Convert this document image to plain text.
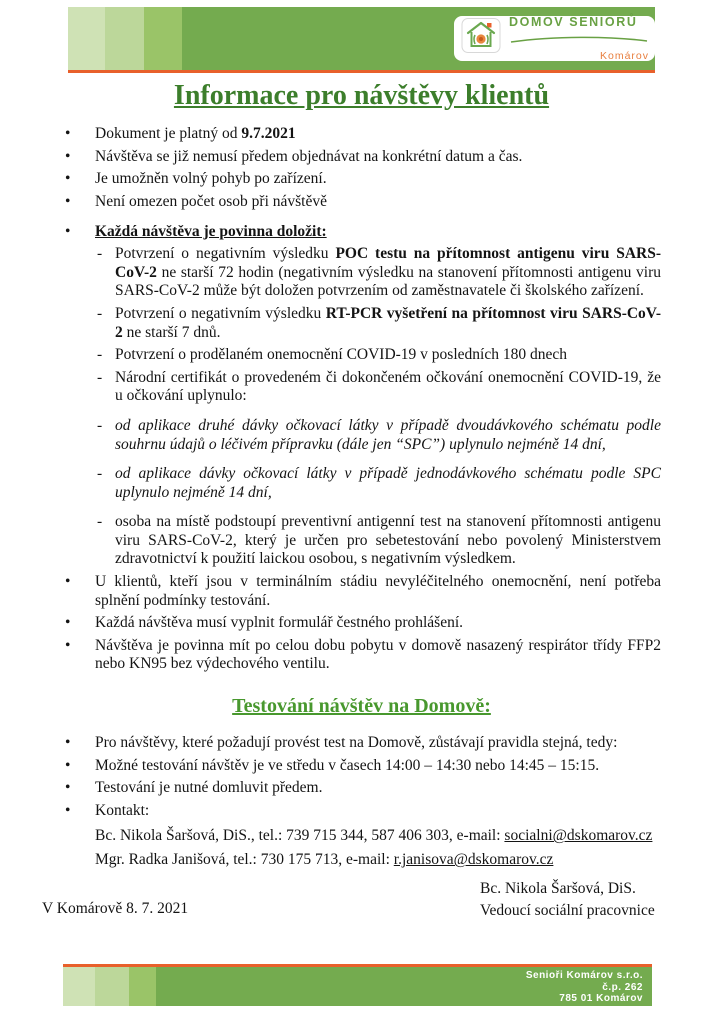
DOMOV SENIORŮ
Komárov
Informace pro návštěvy klientů
•	Dokument je platný od 9.7.2021
•	Návštěva se již nemusí předem objednávat na konkrétní datum a čas.
•	Je umožněn volný pohyb po zařízení.
•	Není omezen počet osob při návštěvě
•	Každá návštěva je povinna doložit:
- Potvrzení o negativním výsledku POC testu na přítomnost antigenu viru SARS-CoV-2 ne starší 72 hodin (negativním výsledku na stanovení přítomnosti antigenu viru SARS-CoV-2 může být doložen potvrzením od zaměstnavatele či školského zařízení.
- Potvrzení o negativním výsledku RT-PCR vyšetření na přítomnost viru SARS-CoV-2 ne starší 7 dnů.
- Potvrzení o prodělaném onemocnění COVID-19 v posledních 180 dnech
- Národní certifikát o provedeném či dokončeném očkování onemocnění COVID-19, že u očkování uplynulo:
- od aplikace druhé dávky očkovací látky v případě dvoudávkového schématu podle souhrnu údajů o léčivém přípravku (dále jen “SPC”) uplynulo nejméně 14 dní,
- od aplikace dávky očkovací látky v případě jednodávkového schématu podle SPC uplynulo nejméně 14 dní,
- osoba na místě podstoupí preventivní antigenní test na stanovení přítomnosti antigenu viru SARS-CoV-2, který je určen pro sebetestování nebo povolený Ministerstvem zdravotnictví k použití laickou osobou, s negativním výsledkem.
•	U klientů, kteří jsou v terminálním stádiu nevyléčitelného onemocnění, není potřeba splnění podmínky testování.
•	Každá návštěva musí vyplnit formulář čestného prohlášení.
•	Návštěva je povinna mít po celou dobu pobytu v domově nasazený respirátor třídy FFP2 nebo KN95 bez výdechového ventilu.
Testování návštěv na Domově:
•	Pro návštěvy, které požadují provést test na Domově, zůstávají pravidla stejná, tedy:
•	Možné testování návštěv je ve středu v časech 14:00 – 14:30 nebo 14:45 – 15:15.
•	Testování je nutné domluvit předem.
•	Kontakt:
Bc. Nikola Šaršová, DiS., tel.: 739 715 344, 587 406 303, e-mail: socialni@dskomarov.cz
Mgr. Radka Janišová, tel.: 730 175 713, e-mail: r.janisova@dskomarov.cz
V Komárově 8. 7. 2021
Bc. Nikola Šaršová, DiS.
Vedoucí sociální pracovnice
Senioři Komárov s.r.o.
č.p. 262
785 01 Komárov
